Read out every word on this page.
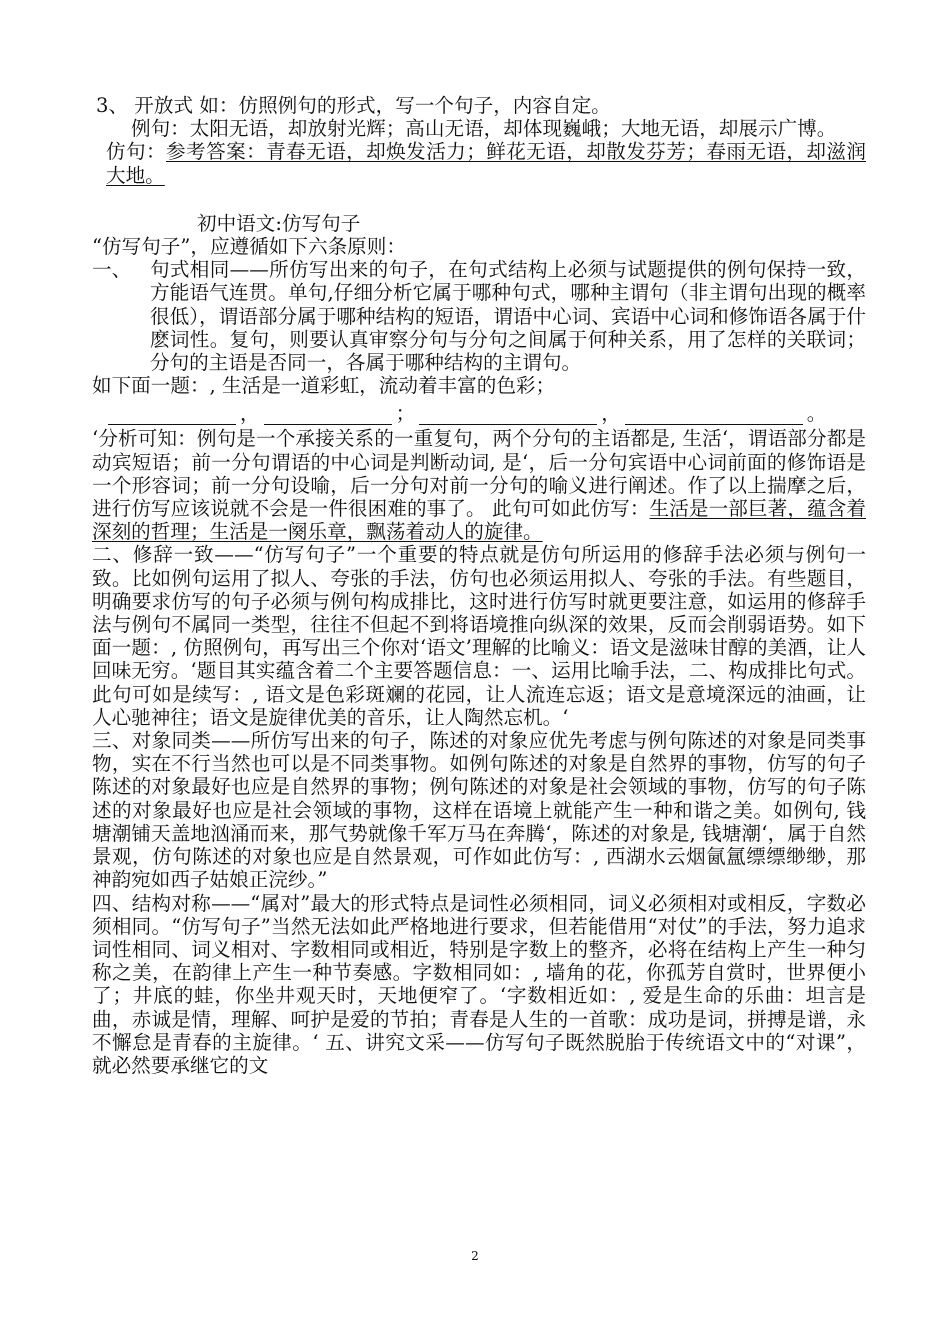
3、 开放式 如：仿照例句的形式，写一个句子，内容自定。

例句：太阳无语，却放射光辉；高山无语，却体现巍峨；大地无语，却展示广博。

仿句：参考答案：青春无语，却焕发活力；鲜花无语，却散发芬芳；春雨无语，却滋润大地。

初中语文:仿写句子

“仿写句子”，应遵循如下六条原则：

一、 句式相同——所仿写出来的句子，在句式结构上必须与试题提供的例句保持一致，方能语气连贯。单句,仔细分析它属于哪种句式，哪种主谓句（非主谓句出现的概率很低），谓语部分属于哪种结构的短语，谓语中心词、宾语中心词和修饰语各属于什麽词性。复句，则要认真审察分句与分句之间属于何种关系，用了怎样的关联词；分句的主语是否同一，各属于哪种结构的主谓句。

如下面一题：, 生活是一道彩虹，流动着丰富的色彩；

，	；	，	。

‘分析可知：例句是一个承接关系的一重复句，两个分句的主语都是, 生活‘，谓语部分都是动宾短语；前一分句谓语的中心词是判断动词, 是‘，后一分句宾语中心词前面的修饰语是一个形容词；前一分句设喻，后一分句对前一分句的喻义进行阐述。作了以上揣摩之后，进行仿写应该说就不会是一件很困难的事了。 此句可如此仿写：生活是一部巨著，蕴含着深刻的哲理；生活是一阕乐章，飘荡着动人的旋律。

二、修辞一致——“仿写句子”一个重要的特点就是仿句所运用的修辞手法必须与例句一致。比如例句运用了拟人、夸张的手法，仿句也必须运用拟人、夸张的手法。有些题目，明确要求仿写的句子必须与例句构成排比，这时进行仿写时就更要注意，如运用的修辞手法与例句不属同一类型，往往不但起不到将语境推向纵深的效果，反而会削弱语势。如下面一题：, 仿照例句，再写出三个你对‘语文’理解的比喻义：语文是滋味甘醇的美酒，让人回味无穷。‘题目其实蕴含着二个主要答题信息：一、运用比喻手法，二、构成排比句式。此句可如是续写：, 语文是色彩斑斓的花园，让人流连忘返；语文是意境深远的油画，让人心驰神往；语文是旋律优美的音乐，让人陶然忘机。‘

三、对象同类——所仿写出来的句子，陈述的对象应优先考虑与例句陈述的对象是同类事物，实在不行当然也可以是不同类事物。如例句陈述的对象是自然界的事物，仿写的句子陈述的对象最好也应是自然界的事物；例句陈述的对象是社会领域的事物，仿写的句子陈述的对象最好也应是社会领域的事物，这样在语境上就能产生一种和谐之美。如例句, 钱塘潮铺天盖地汹涌而来，那气势就像千军万马在奔腾‘，陈述的对象是, 钱塘潮‘，属于自然景观，仿句陈述的对象也应是自然景观，可作如此仿写：, 西湖水云烟氤氲缥缥缈缈，那神韵宛如西子姑娘正浣纱。”

四、结构对称——“属对”最大的形式特点是词性必须相同，词义必须相对或相反，字数必须相同。“仿写句子”当然无法如此严格地进行要求，但若能借用“对仗”的手法，努力追求词性相同、词义相对、字数相同或相近，特别是字数上的整齐，必将在结构上产生一种匀称之美，在韵律上产生一种节奏感。字数相同如：, 墙角的花，你孤芳自赏时，世界便小了；井底的蛙，你坐井观天时，天地便窄了。‘字数相近如：, 爱是生命的乐曲：坦言是曲，赤诚是情，理解、呵护是爱的节拍；青春是人生的一首歌：成功是词，拼搏是谱，永不懈怠是青春的主旋律。‘ 五、讲究文采——仿写句子既然脱胎于传统语文中的“对课”，就必然要承继它的文

2
